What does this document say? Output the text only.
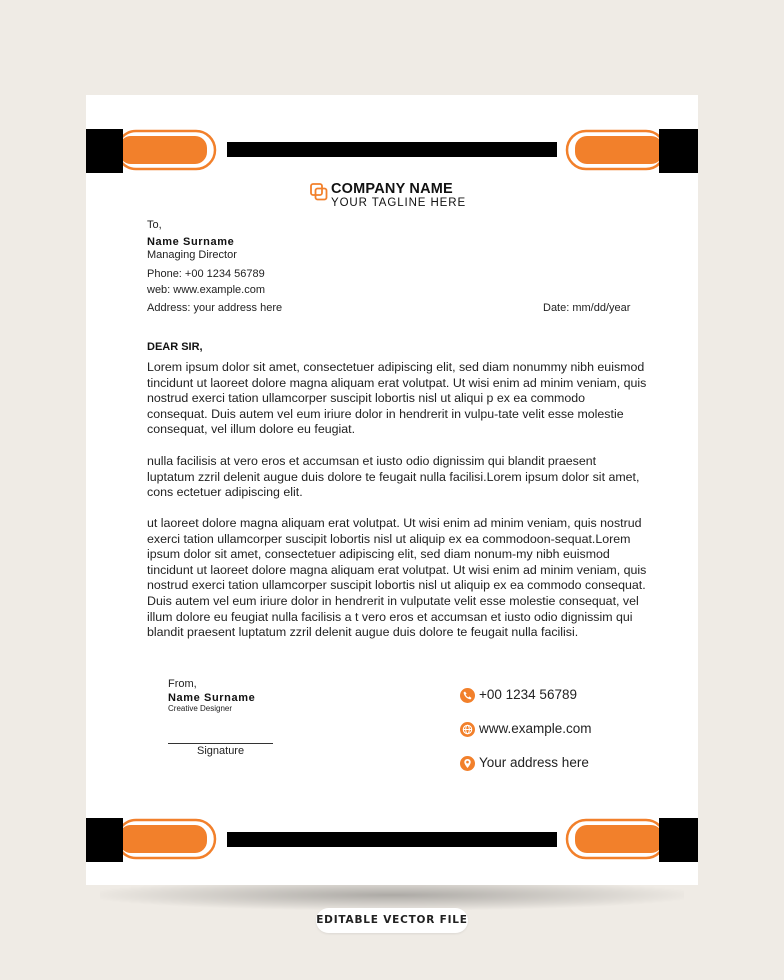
COMPANY NAME
YOUR TAGLINE HERE
To,
Name Surname
Managing Director
Phone: +00 1234 56789
web: www.example.com
Address: your address here	Date: mm/dd/year
DEAR SIR,

Lorem ipsum dolor sit amet, consectetuer adipiscing elit, sed diam nonummy nibh euismod tincidunt ut laoreet dolore magna aliquam erat volutpat. Ut wisi enim ad minim veniam, quis nostrud exerci tation ullamcorper suscipit lobortis nisl ut aliqui p ex ea commodo consequat. Duis autem vel eum iriure dolor in hendrerit in vulpu-tate velit esse molestie consequat, vel illum dolore eu feugiat.

nulla facilisis at vero eros et accumsan et iusto odio dignissim qui blandit praesent luptatum zzril delenit augue duis dolore te feugait nulla facilisi.Lorem ipsum dolor sit amet, cons ectetuer adipiscing elit.

ut laoreet dolore magna aliquam erat volutpat. Ut wisi enim ad minim veniam, quis nostrud exerci tation ullamcorper suscipit lobortis nisl ut aliquip ex ea commodoon-sequat.Lorem ipsum dolor sit amet, consectetuer adipiscing elit, sed diam nonum-my nibh euismod tincidunt ut laoreet dolore magna aliquam erat volutpat. Ut wisi enim ad minim veniam, quis nostrud exerci tation ullamcorper suscipit lobortis nisl ut aliquip ex ea commodo consequat. Duis autem vel eum iriure dolor in hendrerit in vulputate velit esse molestie consequat, vel illum dolore eu feugiat nulla facilisis a t vero eros et accumsan et iusto odio dignissim qui blandit praesent luptatum zzril delenit augue duis dolore te feugait nulla facilisi.

From,
Name Surname
Creative Designer
Signature
+00 1234 56789
www.example.com
Your address here
EDITABLE VECTOR FILE
